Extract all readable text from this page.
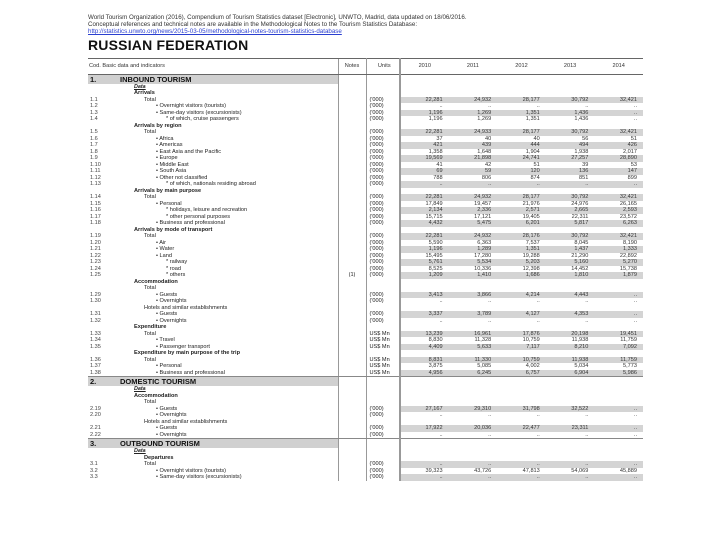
World Tourism Organization (2016), Compendium of Tourism Statistics dataset [Electronic], UNWTO, Madrid, data updated on 18/06/2016.
Conceptual references and technical notes are available in the Methodological Notes to the Tourism Statistics Database:
http://statistics.unwto.org/news/2015-03-05/methodological-notes-tourism-statistics-database
RUSSIAN FEDERATION
Cod. Basic data and indicators		Notes	Units	2010	2011	2012	2013	2014
1.	INBOUND TOURISM							
	Data							
	Arrivals							
1.1	Total		('000)	22,281	24,932	28,177	30,792	32,421
1.2	• Overnight visitors (tourists)		('000)	..	..	..	..	..
1.3	• Same-day visitors (excursionists)		('000)	1,196	1,269	1,351	1,436	..
1.4	* of which, cruise passengers		('000)	1,196	1,269	1,351	1,436	..
	Arrivals by region							
1.5	Total		('000)	22,281	24,933	28,177	30,792	32,421
1.6	• Africa		('000)	37	40	40	56	51
1.7	• Americas		('000)	421	439	444	494	426
1.8	• East Asia and the Pacific		('000)	1,358	1,648	1,904	1,938	2,017
1.9	• Europe		('000)	19,569	21,898	24,741	27,257	28,890
1.10	• Middle East		('000)	41	42	51	39	53
1.11	• South Asia		('000)	69	59	120	136	147
1.12	• Other not classified		('000)	788	806	874	851	899
1.13	* of which, nationals residing abroad		('000)	..	..	..	..	..
	Arrivals by main purpose							
1.14	Total		('000)	22,281	24,932	28,177	30,792	32,421
1.15	• Personal		('000)	17,849	19,457	21,976	24,976	26,165
1.16	* holidays, leisure and recreation		('000)	2,134	2,336	2,571	2,665	2,593
1.17	* other personal purposes		('000)	15,715	17,121	19,405	22,311	23,572
1.18	• Business and professional		('000)	4,432	5,475	6,201	5,817	6,263
	Arrivals by mode of transport							
1.19	Total		('000)	22,281	24,932	28,176	30,792	32,421
1.20	• Air		('000)	5,590	6,363	7,537	8,045	8,190
1.21	• Water		('000)	1,196	1,289	1,351	1,437	1,333
1.22	• Land		('000)	15,495	17,280	19,288	21,290	22,892
1.23	* railway		('000)	5,761	5,534	5,203	5,160	5,270
1.24	* road		('000)	8,525	10,336	12,398	14,452	15,738
1.25	* others	(1)	('000)	1,209	1,410	1,686	1,810	1,879
	Accommodation							
	Total							
1.29	• Guests		('000)	3,413	3,866	4,214	4,443	..
1.30	• Overnights		('000)	..	..	..	..	..
	Hotels and similar establishments							
1.31	• Guests		('000)	3,337	3,789	4,127	4,353	..
1.32	• Overnights		('000)	..	..	..	..	..
	Expenditure							
1.33	Total		US$ Mn	13,239	16,961	17,876	20,198	19,451
1.34	• Travel		US$ Mn	8,830	11,328	10,759	11,938	11,759
1.35	• Passenger transport		US$ Mn	4,409	5,633	7,117	8,210	7,092
	Expenditure by main purpose of the trip							
1.36	Total		US$ Mn	8,831	11,330	10,759	11,938	11,759
1.37	• Personal		US$ Mn	3,875	5,085	4,002	5,034	5,773
1.38	• Business and professional		US$ Mn	4,956	6,245	6,757	6,904	5,986
2.	DOMESTIC TOURISM							
	Data							
	Accommodation							
	Total							
2.19	• Guests		('000)	27,167	29,310	31,798	32,522	..
2.20	• Overnights		('000)	..	..	..	..	..
	Hotels and similar establishments							
2.21	• Guests		('000)	17,922	20,036	22,477	23,311	..
2.22	• Overnights		('000)	..	..	..	..	..
3.	OUTBOUND TOURISM							
	Data							
	Departures							
3.1	Total		('000)	..	..	..	..	..
3.2	• Overnight visitors (tourists)		('000)	39,323	43,726	47,813	54,069	45,889
3.3	• Same-day visitors (excursionists)		('000)	..	..	..	..	..
